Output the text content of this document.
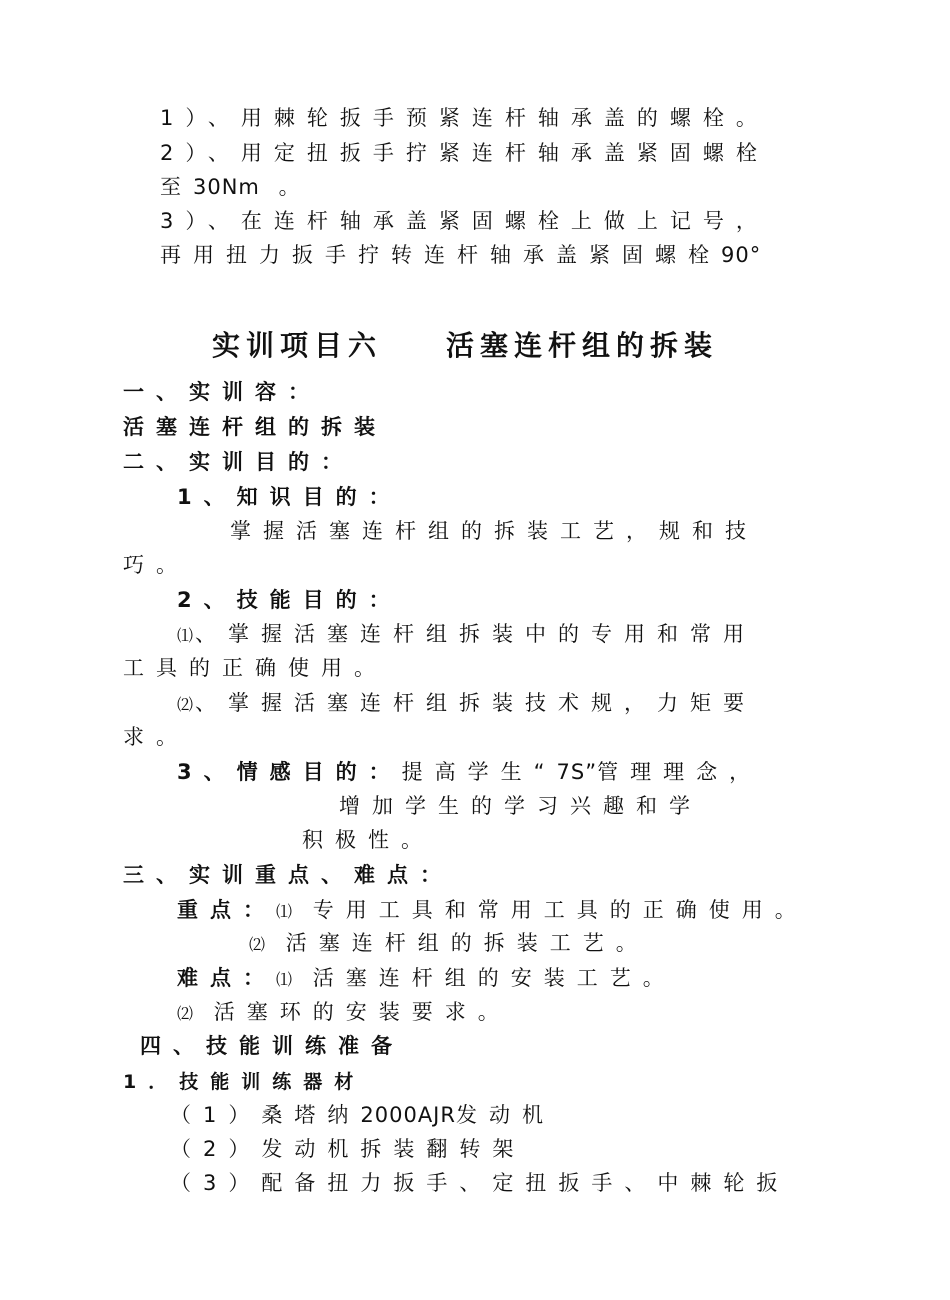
1）、用棘轮扳手预紧连杆轴承盖的螺栓。
2）、用定扭扳手拧紧连杆轴承盖紧固螺栓
至30Nm 。
3）、在连杆轴承盖紧固螺栓上做上记号，
再用扭力扳手拧转连杆轴承盖紧固螺栓90°
实训项目六 活塞连杆组的拆装
一、实训容：
活塞连杆组的拆装
二、实训目的：
1、知识目的：
掌握活塞连杆组的拆装工艺，规和技
巧。
2、技能目的：
⑴、掌握活塞连杆组拆装中的专用和常用
工具的正确使用。
⑵、掌握活塞连杆组拆装技术规，力矩要
求。
3、情感目的：提高学生“7S”管理理念，
增加学生的学习兴趣和学
积极性。
三、实训重点、难点：
重点：⑴ 专用工具和常用工具的正确使用。
⑵ 活塞连杆组的拆装工艺。
难点：⑴ 活塞连杆组的安装工艺。
⑵ 活塞环的安装要求。
四、技能训练准备
1．技能训练器材
（1）桑塔纳2000AJR发动机
（2）发动机拆装翻转架
（3）配备扭力扳手、定扭扳手、中棘轮扳
